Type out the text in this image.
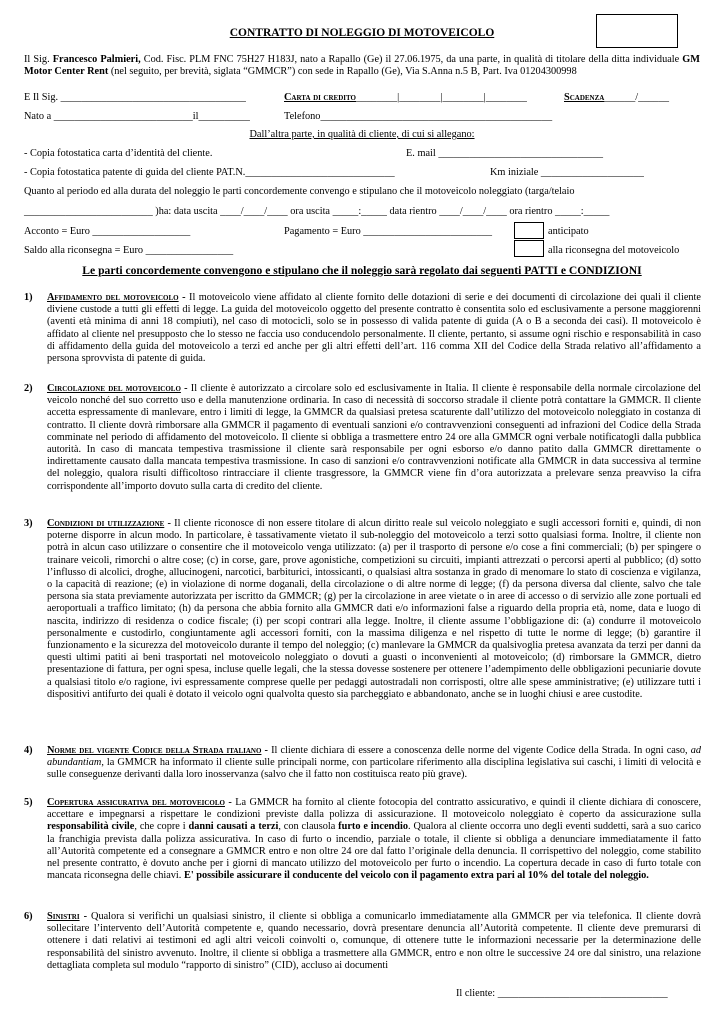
CONTRATTO DI NOLEGGIO DI MOTOVEICOLO
Il Sig. Francesco Palmieri, Cod. Fisc. PLM FNC 75H27 H183J, nato a Rapallo (Ge) il 27.06.1975, da una parte, in qualità di titolare della ditta individuale GM Motor Center Rent (nel seguito, per brevità, siglata “GMMCR”) con sede in Rapallo (Ge), Via S.Anna n.5 B, Part. Iva 01204300998
E Il Sig. ____________________________________	Carta di credito________|________|________|________	Scadenza______/______
Nato a ___________________________il__________	Telefono_____________________________________________
Dall’altra parte, in qualità di cliente, di cui si allegano:
- Copia fotostatica carta d’identità del cliente.	E. mail ________________________________
- Copia fotostatica patente di guida del cliente PAT.N._____________________________	Km iniziale ____________________
Quanto al periodo ed alla durata del noleggio le parti concordemente convengo e stipulano che il motoveicolo noleggiato (targa/telaio
_________________________ )ha: data uscita ____/____/____ ora uscita _____:_____ data rientro ____/____/____ ora rientro _____:_____
Acconto = Euro ___________________	Pagamento = Euro _________________________	anticipato
Saldo alla riconsegna = Euro _________________	alla riconsegna del motoveicolo
Le parti concordemente convengono e stipulano che il noleggio sarà regolato dai seguenti PATTI e CONDIZIONI
1) Affidamento del motoveicolo - Il motoveicolo viene affidato al cliente fornito delle dotazioni di serie e dei documenti di circolazione dei quali il cliente diviene custode a tutti gli effetti di legge. La guida del motoveicolo oggetto del presente contratto è consentita solo ed esclusivamente a persone maggiorenni (aventi età minima di anni 18 compiuti), nel caso di motocicli, solo se in possesso di valida patente di guida (A o B a seconda dei casi). Il motoveicolo è affidato al cliente nel presupposto che lo stesso ne faccia uso conducendolo personalmente. Il cliente, pertanto, si assume ogni rischio e responsabilità in caso di affidamento della guida del motoveicolo a terzi ed anche per gli altri effetti dell’art. 116 comma XII del Codice della Strada relativo all’affidamento a persona sprovvista di patente di guida.
2) Circolazione del motoveicolo - Il cliente è autorizzato a circolare solo ed esclusivamente in Italia. Il cliente è responsabile della normale circolazione del veicolo nonché del suo corretto uso e della manutenzione ordinaria. In caso di necessità di soccorso stradale il cliente potrà contattare la GMMCR. Il cliente accetta espressamente di manlevare, entro i limiti di legge, la GMMCR da qualsiasi pretesa scaturente dall’utilizzo del motoveicolo noleggiato in costanza di contratto. Il cliente dovrà rimborsare alla GMMCR il pagamento di eventuali sanzioni e/o contravvenzioni conseguenti ad infrazioni del Codice della Strada comminate nel periodo di affidamento del motoveicolo. Il cliente si obbliga a trasmettere entro 24 ore alla GMMCR ogni verbale notificatogli dalla pubblica autorità. In caso di mancata tempestiva trasmissione il cliente sarà responsabile per ogni esborso e/o danno patito dalla GMMCR direttamente o indirettamente causato dalla mancata tempestiva trasmissione. In caso di sanzioni e/o contravvenzioni notificate alla GMMCR in data successiva al termine del noleggio, qualora risulti difficoltoso rintracciare il cliente trasgressore, la GMMCR viene fin d’ora autorizzata a prelevare senza preavviso la cifra corrispondente all’importo dovuto sulla carta di credito del cliente.
3) Condizioni di utilizzazione - Il cliente riconosce di non essere titolare di alcun diritto reale sul veicolo noleggiato e sugli accessori forniti e, quindi, di non poterne disporre in alcun modo. In particolare, è tassativamente vietato il sub-noleggio del motoveicolo a terzi sotto qualsiasi forma. Inoltre, il cliente non potrà in alcun caso utilizzare o consentire che il motoveicolo venga utilizzato: (a) per il trasporto di persone e/o cose a fini commerciali; (b) per spingere o trainare veicoli, rimorchi o altre cose; (c) in corse, gare, prove agonistiche, competizioni su circuiti, impianti attrezzati o percorsi aperti al pubblico; (d) sotto l’influsso di alcolici, droghe, allucinogeni, narcotici, barbiturici, intossicanti, o qualsiasi altra sostanza in grado di menomare lo stato di coscienza e vigilanza, o la capacità di reazione; (e) in violazione di norme doganali, della circolazione o di altre norme di legge; (f) da persona diversa dal cliente, salvo che tale persona sia stata previamente autorizzata per iscritto da GMMCR; (g) per la circolazione in aree vietate o in aree di accesso o di servizio alle zone portuali ed aeroportuali a traffico limitato; (h) da persona che abbia fornito alla GMMCR dati e/o informazioni false a riguardo della propria età, nome, data e luogo di nascita, indirizzo di residenza o codice fiscale; (i) per scopi contrari alla legge. Inoltre, il cliente assume l’obbligazione di: (a) condurre il motoveicolo personalmente e custodirlo, congiuntamente agli accessori forniti, con la massima diligenza e nel rispetto di tutte le norme di legge; (b) garantire il funzionamento e la sicurezza del motoveicolo durante il tempo del noleggio; (c) manlevare la GMMCR da qualsivoglia pretesa avanzata da terzi per danni da questi ultimi patiti ai beni trasportati nel motoveicolo noleggiato o dovuti a guasti o inconvenienti al motoveicolo; (d) rimborsare la GMMCR, dietro presentazione di fattura, per ogni spesa, incluse quelle legali, che la stessa dovesse sostenere per ottenere l’adempimento delle obbligazioni pecuniarie dovute a qualsiasi titolo e/o ragione, ivi espressamente comprese quelle per pedaggi autostradali non corrisposti, oltre alle spese amministrative; (e) utilizzare tutti i dispositivi antifurto dei quali è dotato il veicolo ogni qualvolta questo sia parcheggiato e abbandonato, anche se in luoghi chiusi e aree custodite.
4) Norme del vigente Codice della Strada italiano - Il cliente dichiara di essere a conoscenza delle norme del vigente Codice della Strada. In ogni caso, ad abundantiam, la GMMCR ha informato il cliente sulle principali norme, con particolare riferimento alla disciplina legislativa sui caschi, i limiti di velocità e sulle conseguenze derivanti dalla loro inosservanza (salvo che il fatto non costituisca reato più grave).
5) Copertura assicurativa del motoveicolo - La GMMCR ha fornito al cliente fotocopia del contratto assicurativo, e quindi il cliente dichiara di conoscere, accettare e impegnarsi a rispettare le condizioni previste dalla polizza di assicurazione. Il motoveicolo noleggiato è coperto da assicurazione sulla responsabilità civile, che copre i danni causati a terzi, con clausola furto e incendio. Qualora al cliente occorra uno degli eventi suddetti, sarà a suo carico la franchigia prevista dalla polizza assicurativa. In caso di furto o incendio, parziale o totale, il cliente si obbliga a denunciare immediatamente il fatto all’Autorità competente ed a consegnare a GMMCR entro e non oltre 24 ore dal fatto l’originale della denuncia. Il corrispettivo del noleggio, come stabilito nel presente contratto, è dovuto anche per i giorni di mancato utilizzo del motoveicolo per furto o incendio. La copertura decade in caso di furto totale con mancata riconsegna delle chiavi. E' possibile assicurare il conducente del veicolo con il pagamento extra pari al 10% del totale del noleggio.
6) Sinistri - Qualora si verifichi un qualsiasi sinistro, il cliente si obbliga a comunicarlo immediatamente alla GMMCR per via telefonica. Il cliente dovrà sollecitare l’intervento dell’Autorità competente e, quando necessario, dovrà presentare denuncia all’Autorità competente. Il cliente deve premurarsi di ottenere i dati relativi ai testimoni ed agli altri veicoli coinvolti o, comunque, di ottenere tutte le informazioni necessarie per la determinazione delle responsabilità del sinistro avvenuto. Inoltre, il cliente si obbliga a trasmettere alla GMMCR, entro e non oltre le successive 24 ore dal sinistro, una relazione dettagliata completa sul modulo “rapporto di sinistro” (CID), accluso ai documenti
Il cliente: _________________________________
